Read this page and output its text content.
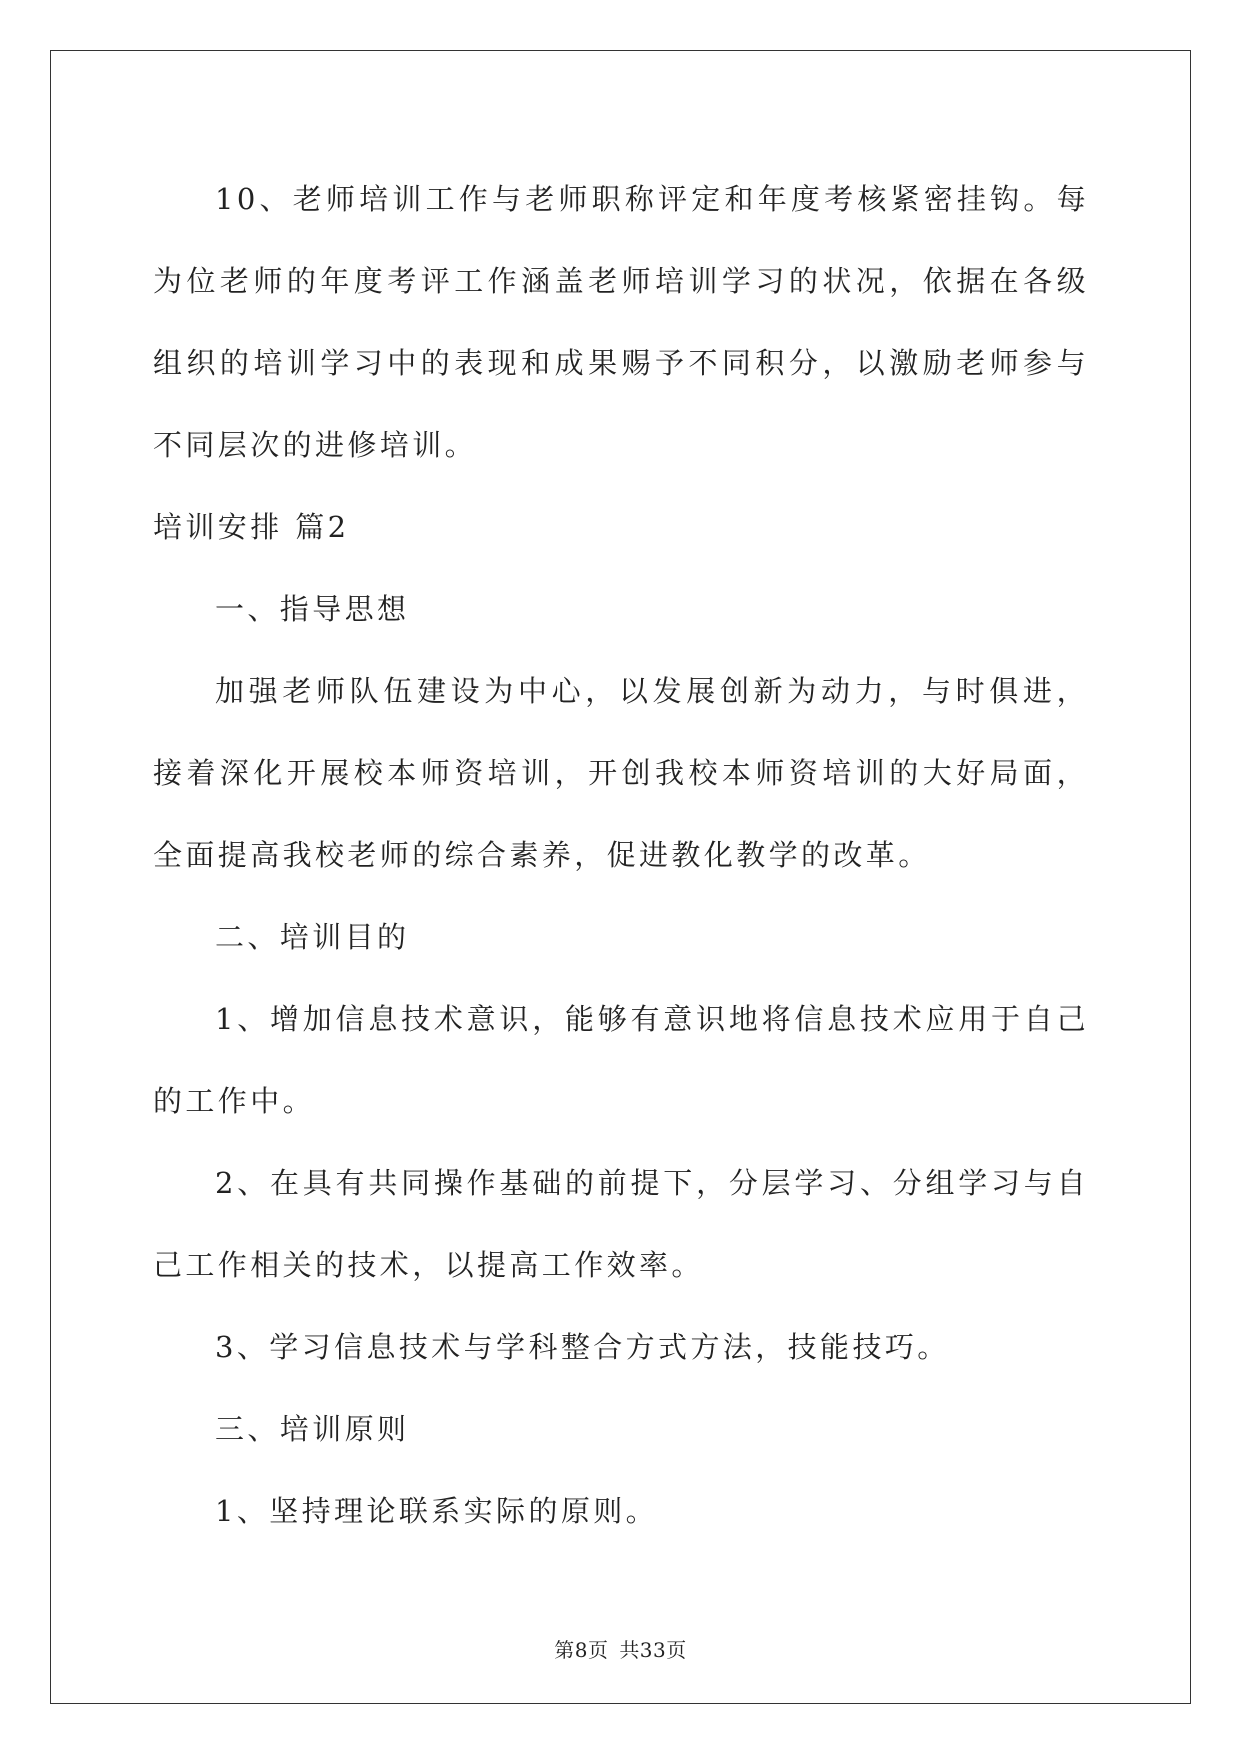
10、老师培训工作与老师职称评定和年度考核紧密挂钩。每为位老师的年度考评工作涵盖老师培训学习的状况，依据在各级组织的培训学习中的表现和成果赐予不同积分，以激励老师参与不同层次的进修培训。

培训安排 篇2

一、指导思想

加强老师队伍建设为中心，以发展创新为动力，与时俱进，接着深化开展校本师资培训，开创我校本师资培训的大好局面，全面提高我校老师的综合素养，促进教化教学的改革。

二、培训目的

1、增加信息技术意识，能够有意识地将信息技术应用于自己的工作中。

2、在具有共同操作基础的前提下，分层学习、分组学习与自己工作相关的技术，以提高工作效率。

3、学习信息技术与学科整合方式方法，技能技巧。

三、培训原则

1、坚持理论联系实际的原则。

第8页 共33页
